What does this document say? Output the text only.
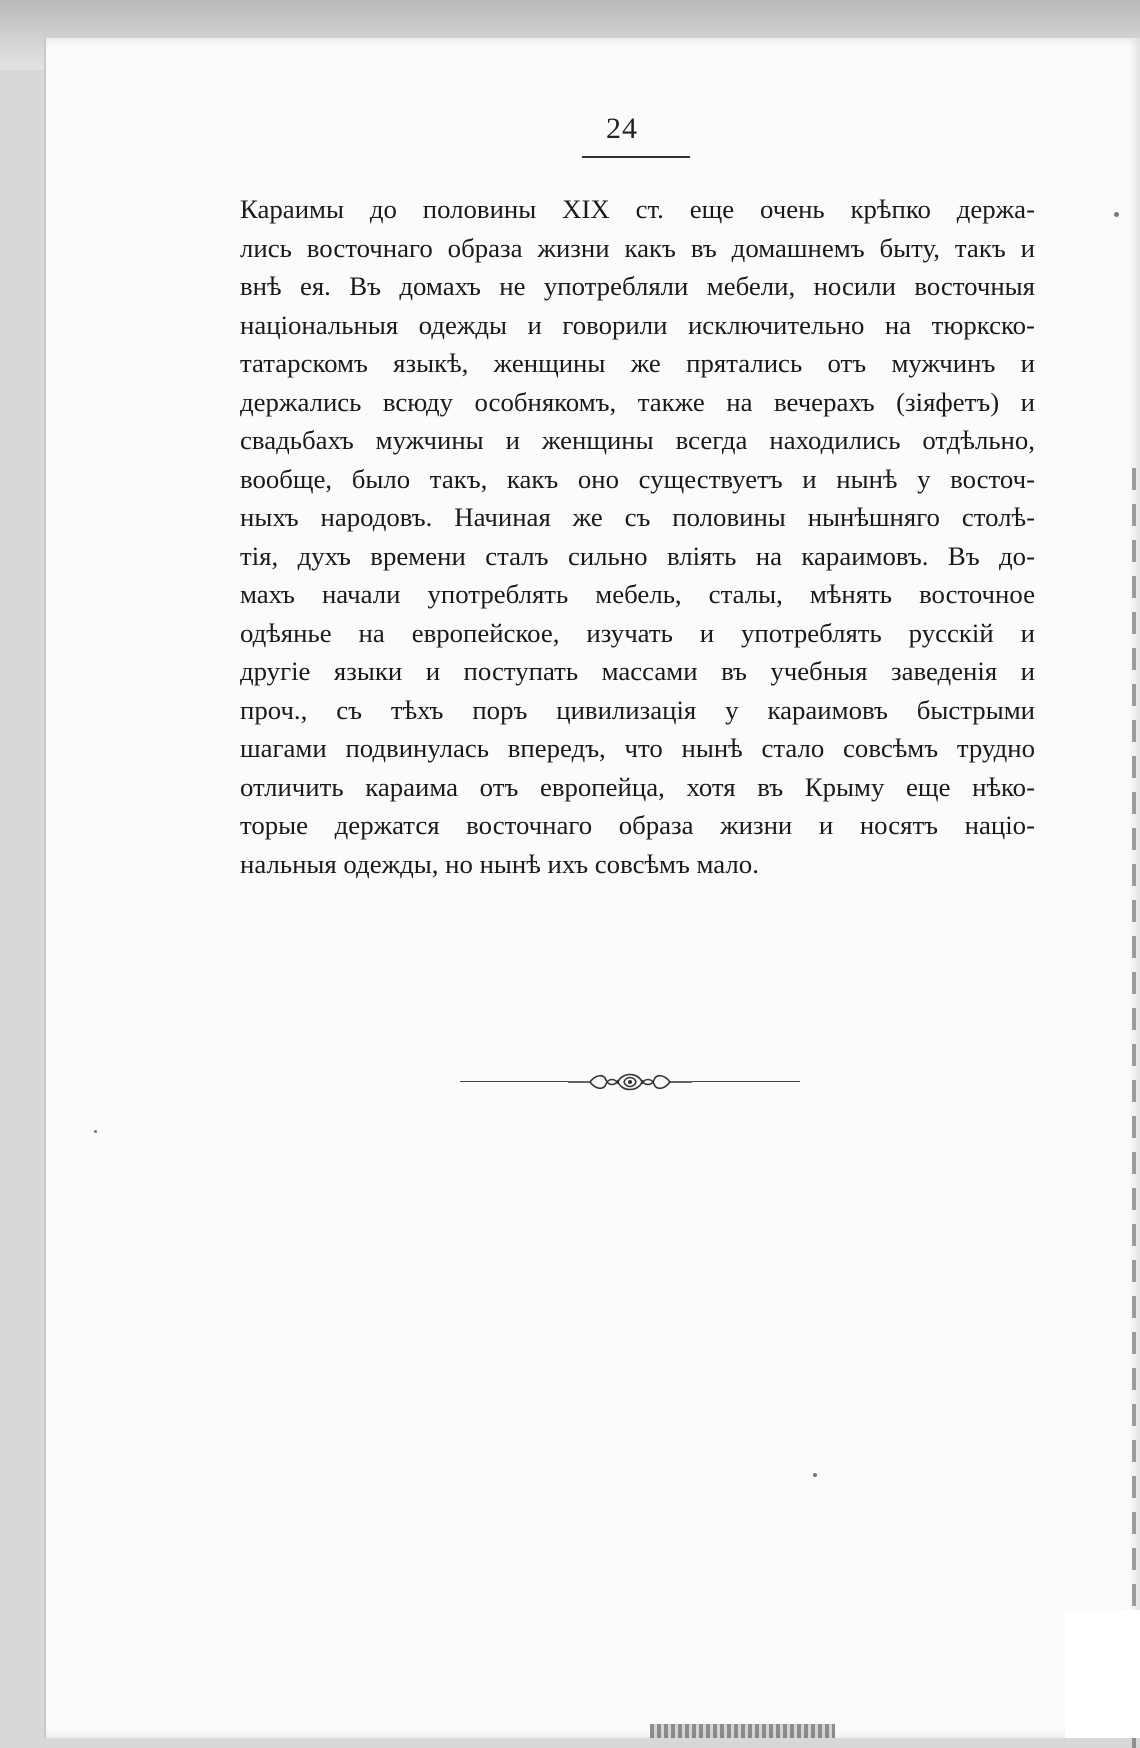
24

Караимы до половины XIX ст. еще очень крѣпко держа-
лись восточнаго образа жизни какъ въ домашнемъ быту, такъ и
внѣ ея. Въ домахъ не употребляли мебели, носили восточныя
національныя одежды и говорили исключительно на тюркско-
татарскомъ языкѣ, женщины же прятались отъ мужчинъ и
держались всюду особнякомъ, также на вечерахъ (зіяфетъ) и
свадьбахъ мужчины и женщины всегда находились отдѣльно,
вообще, было такъ, какъ оно существуетъ и нынѣ у восточ-
ныхъ народовъ. Начиная же съ половины нынѣшняго столѣ-
тія, духъ времени сталъ сильно вліять на караимовъ. Въ до-
махъ начали употреблять мебель, сталы, мѣнять восточное
одѣянье на европейское, изучать и употреблять русскій и
другіе языки и поступать массами въ учебныя заведенія и
проч., съ тѣхъ поръ цивилизація у караимовъ быстрыми
шагами подвинулась впередъ, что нынѣ стало совсѣмъ трудно
отличить караима отъ европейца, хотя въ Крыму еще нѣко-
торые держатся восточнаго образа жизни и носятъ націо-
нальныя одежды, но нынѣ ихъ совсѣмъ мало.
